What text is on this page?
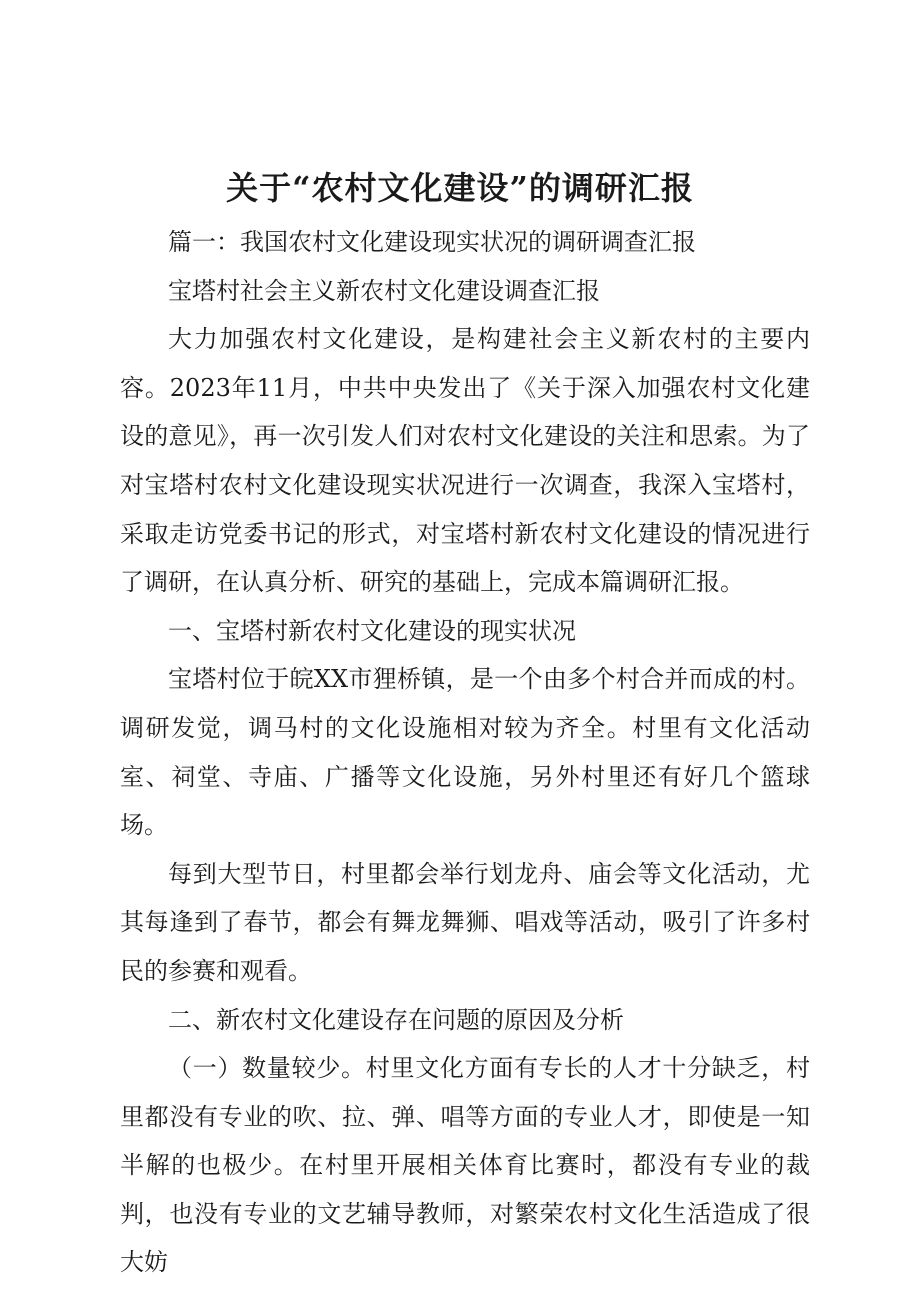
关于“农村文化建设”的调研汇报

篇一：我国农村文化建设现实状况的调研调查汇报

宝塔村社会主义新农村文化建设调查汇报

大力加强农村文化建设，是构建社会主义新农村的主要内容。2023年11月，中共中央发出了《关于深入加强农村文化建设的意见》，再一次引发人们对农村文化建设的关注和思索。为了对宝塔村农村文化建设现实状况进行一次调查，我深入宝塔村，采取走访党委书记的形式，对宝塔村新农村文化建设的情况进行了调研，在认真分析、研究的基础上，完成本篇调研汇报。

一、宝塔村新农村文化建设的现实状况

宝塔村位于皖XX市狸桥镇，是一个由多个村合并而成的村。调研发觉，调马村的文化设施相对较为齐全。村里有文化活动室、祠堂、寺庙、广播等文化设施，另外村里还有好几个篮球场。

每到大型节日，村里都会举行划龙舟、庙会等文化活动，尤其每逢到了春节，都会有舞龙舞狮、唱戏等活动，吸引了许多村民的参赛和观看。

二、新农村文化建设存在问题的原因及分析

（一）数量较少。村里文化方面有专长的人才十分缺乏，村里都没有专业的吹、拉、弹、唱等方面的专业人才，即使是一知半解的也极少。在村里开展相关体育比赛时，都没有专业的裁判，也没有专业的文艺辅导教师，对繁荣农村文化生活造成了很大妨
